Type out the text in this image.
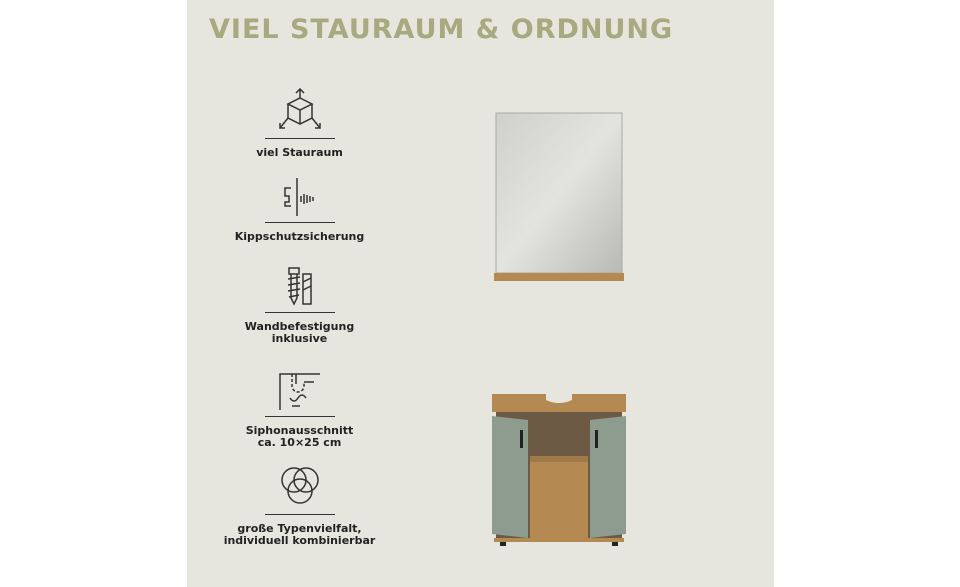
VIEL STAURAUM & ORDNUNG
viel Stauraum
Kippschutzsicherung
Wandbefestigung
inklusive
Siphonausschnitt
ca. 10×25 cm
große Typenvielfalt,
individuell kombinierbar
